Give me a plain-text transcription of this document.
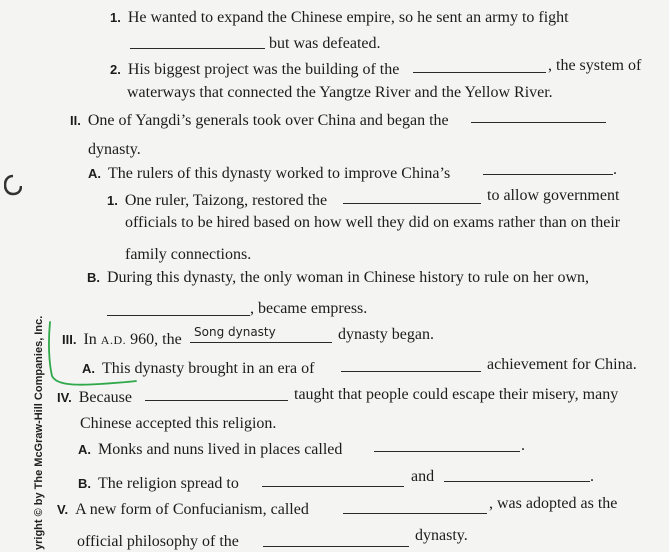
1. He wanted to expand the Chinese empire, so he sent an army to fight
but was defeated.
2. His biggest project was the building of the	, the system of
waterways that connected the Yangtze River and the Yellow River.
II. One of Yangdi’s generals took over China and began the
dynasty.
A. The rulers of this dynasty worked to improve China’s	.
1. One ruler, Taizong, restored the	to allow government
officials to be hired based on how well they did on exams rather than on their
family connections.
B. During this dynasty, the only woman in Chinese history to rule on her own,
, became empress.
III. In A.D. 960, the Song dynasty	dynasty began.
A. This dynasty brought in an era of	achievement for China.
IV. Because	taught that people could escape their misery, many
Chinese accepted this religion.
A. Monks and nuns lived in places called	.
B. The religion spread to	and	.
V. A new form of Confucianism, called	, was adopted as the
official philosophy of the	dynasty.
yright © by The McGraw-Hill Companies, Inc.
